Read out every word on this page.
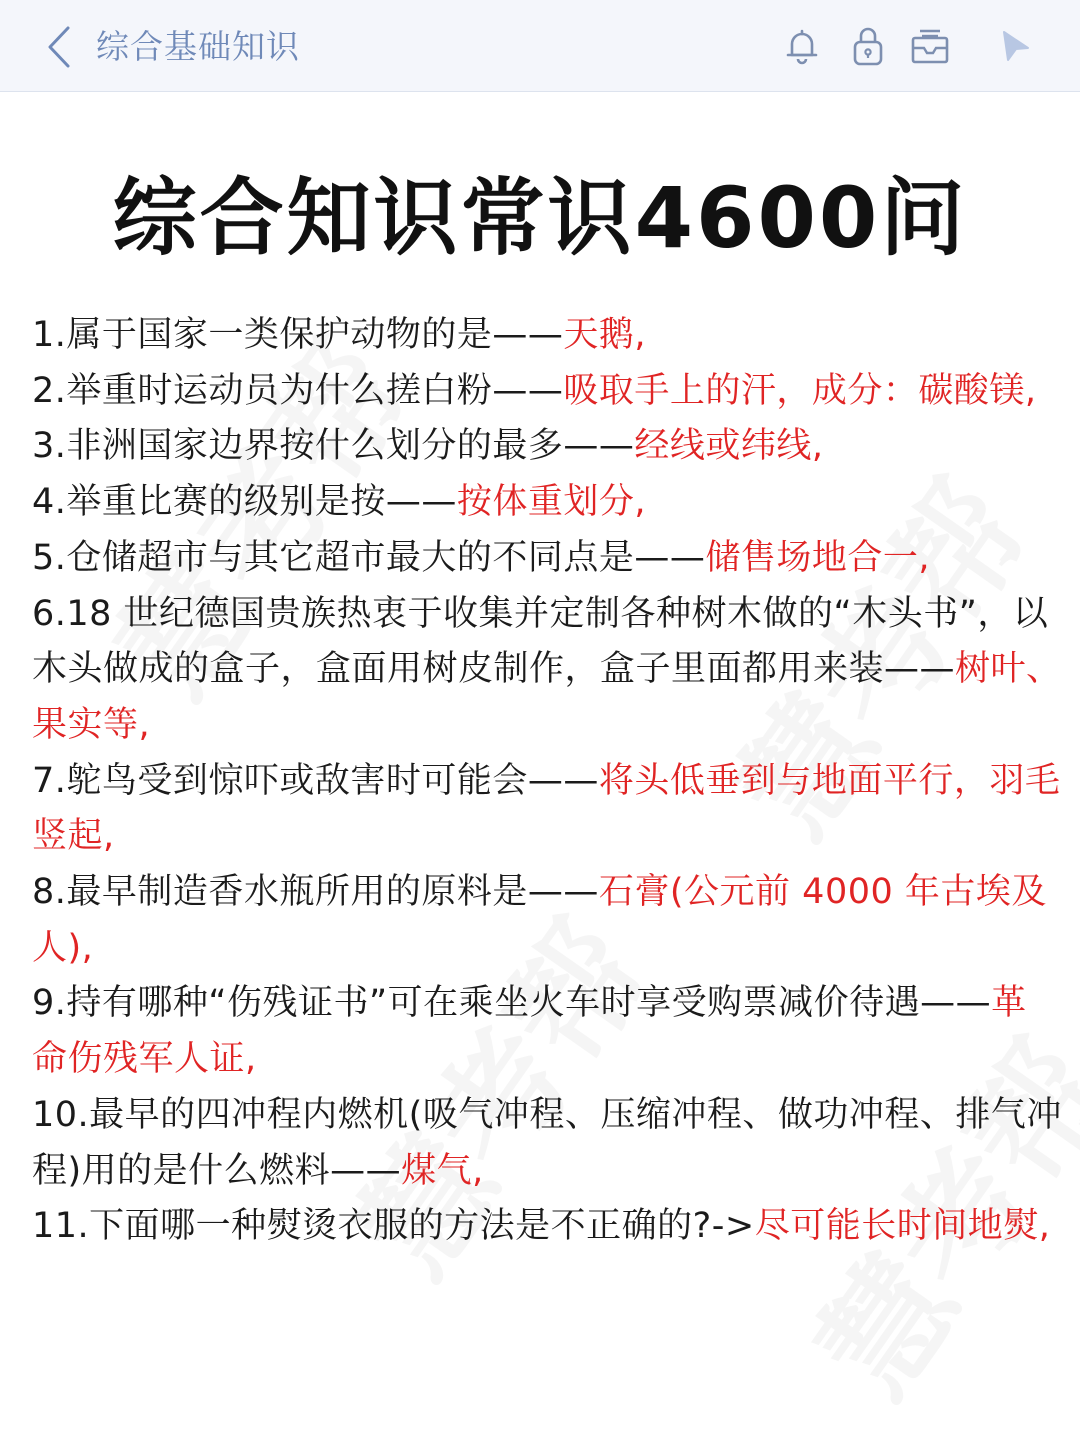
综合基础知识
综合知识常识4600问

1.属于国家一类保护动物的是——天鹅,

2.举重时运动员为什么搓白粉——吸取手上的汗，成分：碳酸镁,

3.非洲国家边界按什么划分的最多——经线或纬线,

4.举重比赛的级别是按——按体重划分,

5.仓储超市与其它超市最大的不同点是——储售场地合一,

6.18 世纪德国贵族热衷于收集并定制各种树木做的“木头书”，以木头做成的盒子，盒面用树皮制作，盒子里面都用来装——树叶、果实等,

7.鸵鸟受到惊吓或敌害时可能会——将头低垂到与地面平行，羽毛竖起,

8.最早制造香水瓶所用的原料是——石膏(公元前 4000 年古埃及人),

9.持有哪种“伤残证书”可在乘坐火车时享受购票减价待遇——革命伤残军人证,

10.最早的四冲程内燃机(吸气冲程、压缩冲程、做功冲程、排气冲程)用的是什么燃料——煤气,

11.下面哪一种熨烫衣服的方法是不正确的?->尽可能长时间地熨,
